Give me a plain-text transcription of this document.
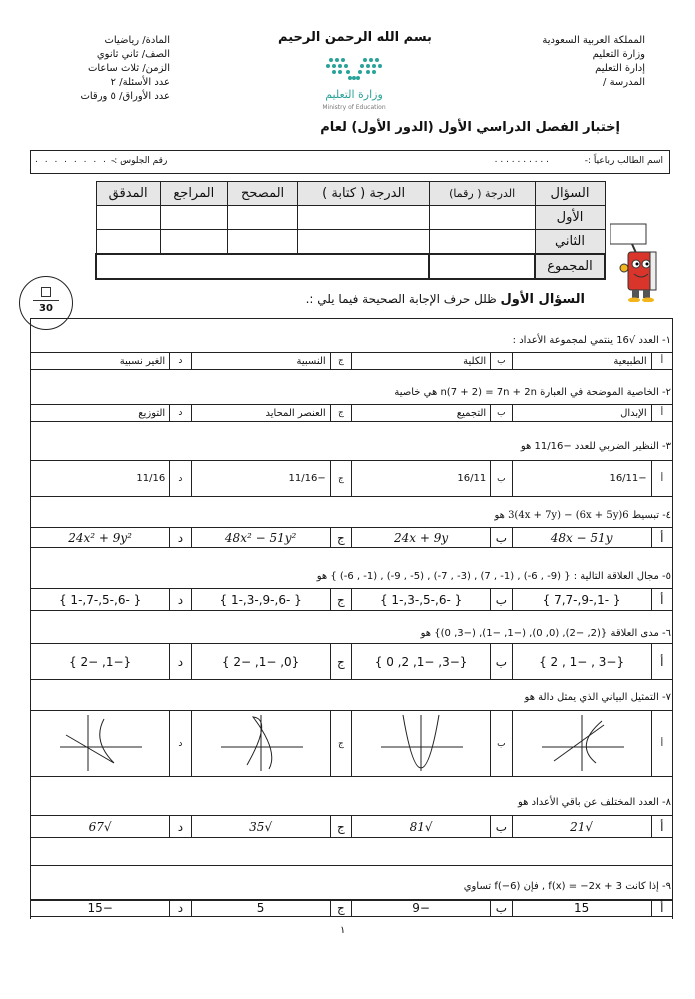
المملكة العربية السعودية
وزارة التعليم
إدارة التعليم
المدرسة /
المادة/ رياضيات
الصف/ ثاني ثانوي
الزمن/ ثلاث ساعات
عدد الأسئلة/ ٢
عدد الأوراق/ ٥ ورقات
بسم الله الرحمن الرحيم
وزارة التعليم
Ministry of Education
إختبار الفصل الدراسي الأول (الدور الأول) لعام
اسم الطالب رباعياً :-
. . . . . . . . . .
رقم الجلوس :-
. . . . . . . . . .
السؤال	الدرجة ( رقما)	الدرجة ( كتابة )	المصحح	المراجع	المدقق
الأول					
الثاني					
المجموع					
30
السؤال الأول ظلل حرف الإجابة الصحيحة فيما يلي :.
١- العدد √16 ينتمي لمجموعة الأعداد :
أ	الطبيعية	ب	الكلية	ج	النسبية	د	الغير نسبية
٢- الخاصية الموضحة في العبارة n(7 + 2) = 7n + 2n هي خاصية
أ	الإبدال	ب	التجميع	ج	العنصر المحايد	د	التوزيع
٣- النظير الضربي للعدد −11/16 هو
أ	−16/11	ب	16/11	ج	−11/16	د	11/16
٤- تبسيط 6(6x + 5y) − 3(4x + 7y) هو
أ	48x − 51y	ب	24x + 9y	ج	48x² − 51y²	د	24x² + 9y²
٥- مجال العلاقة التالية : { (9- , 6-) , (1- , 7) , (3- , 7-) , (5- , 9-) , (1- , 6-) } هو
أ	{ -1,-9,-7,7 }	ب	{ -6,-5,-3,-1 }	ج	{ -6,-9,-3,-1 }	د	{ -6,-5,-7,-1 }
٦- مدى العلاقة {(2, −2), (0, 0), (−1, −1), (−3, 0)} هو
أ	{−3 , −1 , 2 }	ب	{−3, −1, 2, 0 }	ج	{0, −1, −2 }	د	{−1, −2 }
٧- التمثيل البياني الذي يمثل دالة هو
أ		ب		ج		د	
٨- العدد المختلف عن باقي الأعداد هو
أ	√21	ب	√81	ج	√35	د	√67
٩- إذا كانت f(x) = −2x + 3 , فإن f(−6) تساوي
أ	15	ب	−9	ج	5	د	−15
١
